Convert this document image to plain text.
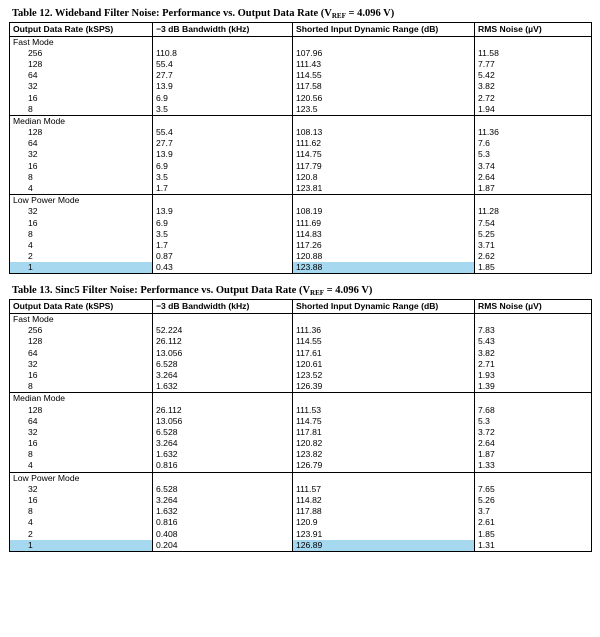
Table 12. Wideband Filter Noise: Performance vs. Output Data Rate (VREF = 4.096 V)
Output Data Rate (kSPS)	−3 dB Bandwidth (kHz)	Shorted Input Dynamic Range (dB)	RMS Noise (µV)
Fast Mode			
256	110.8	107.96	11.58
128	55.4	111.43	7.77
64	27.7	114.55	5.42
32	13.9	117.58	3.82
16	6.9	120.56	2.72
8	3.5	123.5	1.94
Median Mode			
128	55.4	108.13	11.36
64	27.7	111.62	7.6
32	13.9	114.75	5.3
16	6.9	117.79	3.74
8	3.5	120.8	2.64
4	1.7	123.81	1.87
Low Power Mode			
32	13.9	108.19	11.28
16	6.9	111.69	7.54
8	3.5	114.83	5.25
4	1.7	117.26	3.71
2	0.87	120.88	2.62
1	0.43	123.88	1.85
Table 13. Sinc5 Filter Noise: Performance vs. Output Data Rate (VREF = 4.096 V)
Output Data Rate (kSPS)	−3 dB Bandwidth (kHz)	Shorted Input Dynamic Range (dB)	RMS Noise (µV)
Fast Mode			
256	52.224	111.36	7.83
128	26.112	114.55	5.43
64	13.056	117.61	3.82
32	6.528	120.61	2.71
16	3.264	123.52	1.93
8	1.632	126.39	1.39
Median Mode			
128	26.112	111.53	7.68
64	13.056	114.75	5.3
32	6.528	117.81	3.72
16	3.264	120.82	2.64
8	1.632	123.82	1.87
4	0.816	126.79	1.33
Low Power Mode			
32	6.528	111.57	7.65
16	3.264	114.82	5.26
8	1.632	117.88	3.7
4	0.816	120.9	2.61
2	0.408	123.91	1.85
1	0.204	126.89	1.31
